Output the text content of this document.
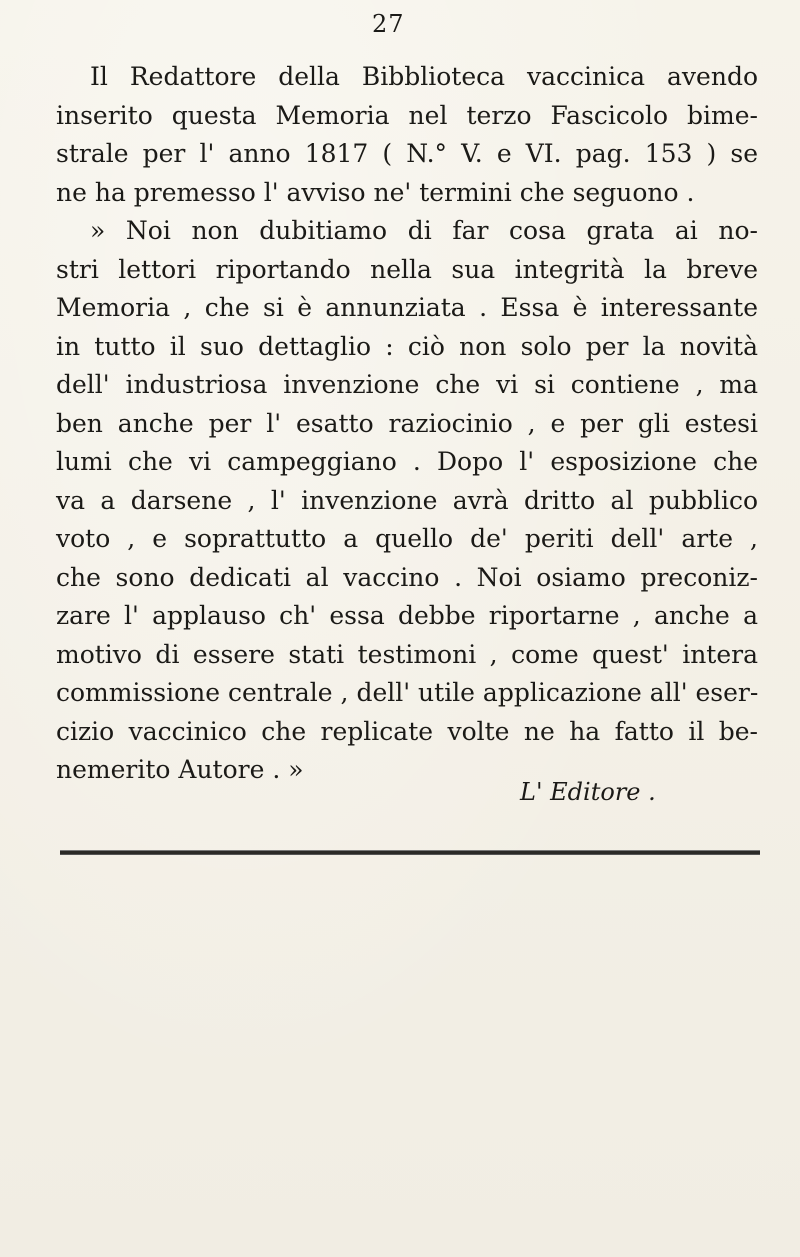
27
Il Redattore della Bibblioteca vaccinica avendo
inserito questa Memoria nel terzo Fascicolo bime-
strale per l' anno 1817 ( N.° V. e VI. pag. 153 ) se
ne ha premesso l' avviso ne' termini che seguono .
» Noi non dubitiamo di far cosa grata ai no-
stri lettori riportando nella sua integrità la breve
Memoria , che si è annunziata . Essa è interessante
in tutto il suo dettaglio : ciò non solo per la novità
dell' industriosa invenzione che vi si contiene , ma
ben anche per l' esatto raziocinio , e per gli estesi
lumi che vi campeggiano . Dopo l' esposizione che
va a darsene , l' invenzione avrà dritto al pubblico
voto , e soprattutto a quello de' periti dell' arte ,
che sono dedicati al vaccino . Noi osiamo preconiz-
zare l' applauso ch' essa debbe riportarne , anche a
motivo di essere stati testimoni , come quest' intera
commissione centrale , dell' utile applicazione all' eser-
cizio vaccinico che replicate volte ne ha fatto il be-
nemerito Autore . »
L' Editore .
